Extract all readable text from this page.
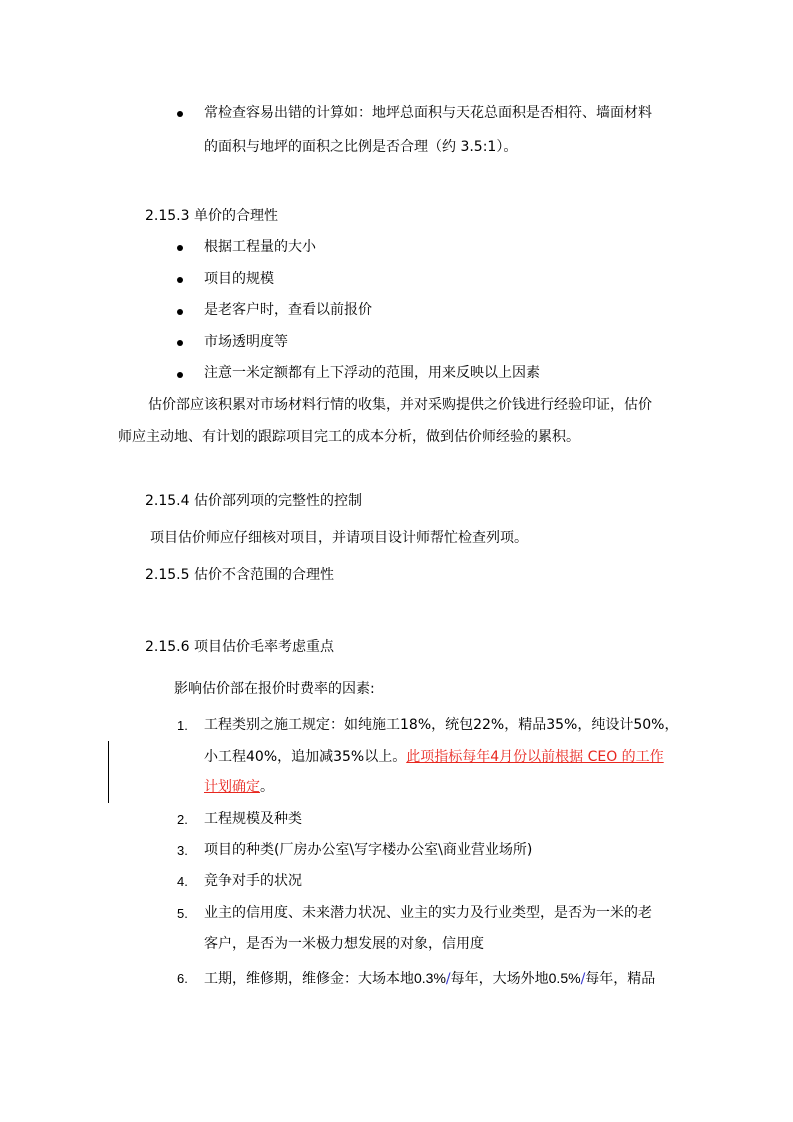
常检查容易出错的计算如：地坪总面积与天花总面积是否相符、墙面材料
的面积与地坪的面积之比例是否合理（约 3.5:1）。
2.15.3 单价的合理性
根据工程量的大小
项目的规模
是老客户时，查看以前报价
市场透明度等
注意一米定额都有上下浮动的范围，用来反映以上因素
估价部应该积累对市场材料行情的收集，并对采购提供之价钱进行经验印证，估价
师应主动地、有计划的跟踪项目完工的成本分析，做到估价师经验的累积。
2.15.4 估价部列项的完整性的控制
项目估价师应仔细核对项目，并请项目设计师帮忙检查列项。
2.15.5 估价不含范围的合理性
2.15.6 项目估价毛率考虑重点
影响估价部在报价时费率的因素:
1. 工程类别之施工规定：如纯施工18%，统包22%，精品35%，纯设计50%，
小工程40%，追加减35%以上。此项指标每年4月份以前根据 CEO 的工作
计划确定。
2. 工程规模及种类
3. 项目的种类(厂房办公室\写字楼办公室\商业营业场所)
4. 竞争对手的状况
5. 业主的信用度、未来潜力状况、业主的实力及行业类型，是否为一米的老
客户，是否为一米极力想发展的对象，信用度
6. 工期，维修期，维修金：大场本地0.3%/每年，大场外地0.5%/每年，精品
